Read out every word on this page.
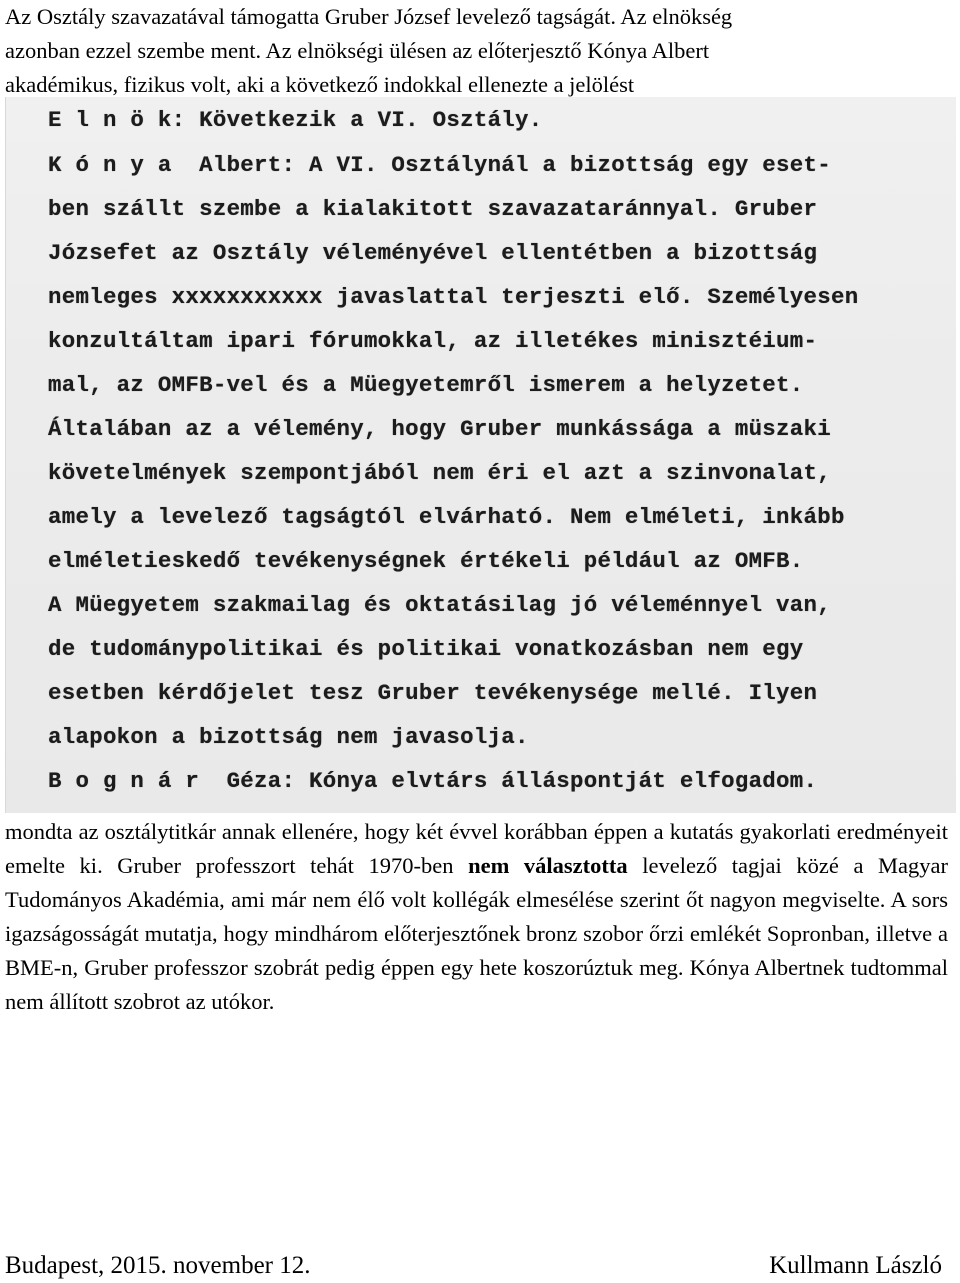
Az Osztály szavazatával támogatta Gruber József levelező tagságát. Az elnökség
azonban ezzel szembe ment. Az elnökségi ülésen az előterjesztő Kónya Albert
akadémikus, fizikus volt, aki a következő indokkal ellenezte a jelölést
E l n ö k: Következik a VI. Osztály.
K ó n y a  Albert: A VI. Osztálynál a bizottság egy eset-
ben szállt szembe a kialakitott szavazataránnyal. Gruber
Józsefet az Osztály véleményével ellentétben a bizottság
nemleges xxxxxxxxxxx javaslattal terjeszti elő. Személyesen
konzultáltam ipari fórumokkal, az illetékes minisztéium-
mal, az OMFB-vel és a Müegyetemről ismerem a helyzetet.
Általában az a vélemény, hogy Gruber munkássága a müszaki
követelmények szempontjából nem éri el azt a szinvonalat,
amely a levelező tagságtól elvárható. Nem elméleti, inkább
elméletieskedő tevékenységnek értékeli például az OMFB.
A Müegyetem szakmailag és oktatásilag jó véleménnyel van,
de tudománypolitikai és politikai vonatkozásban nem egy
esetben kérdőjelet tesz Gruber tevékenysége mellé. Ilyen
alapokon a bizottság nem javasolja.
B o g n á r  Géza: Kónya elvtárs álláspontját elfogadom.
mondta az osztálytitkár annak ellenére, hogy két évvel korábban éppen a kutatás gyakorlati eredményeit emelte ki. Gruber professzort tehát 1970-ben nem választotta levelező tagjai közé a Magyar Tudományos Akadémia, ami már nem élő volt kollégák elmesélése szerint őt nagyon megviselte. A sors igazságosságát mutatja, hogy mindhárom előterjesztőnek bronz szobor őrzi emlékét Sopronban, illetve a BME-n, Gruber professzor szobrát pedig éppen egy hete koszorúztuk meg. Kónya Albertnek tudtommal nem állított szobrot az utókor.
Budapest, 2015. november 12.	Kullmann László
